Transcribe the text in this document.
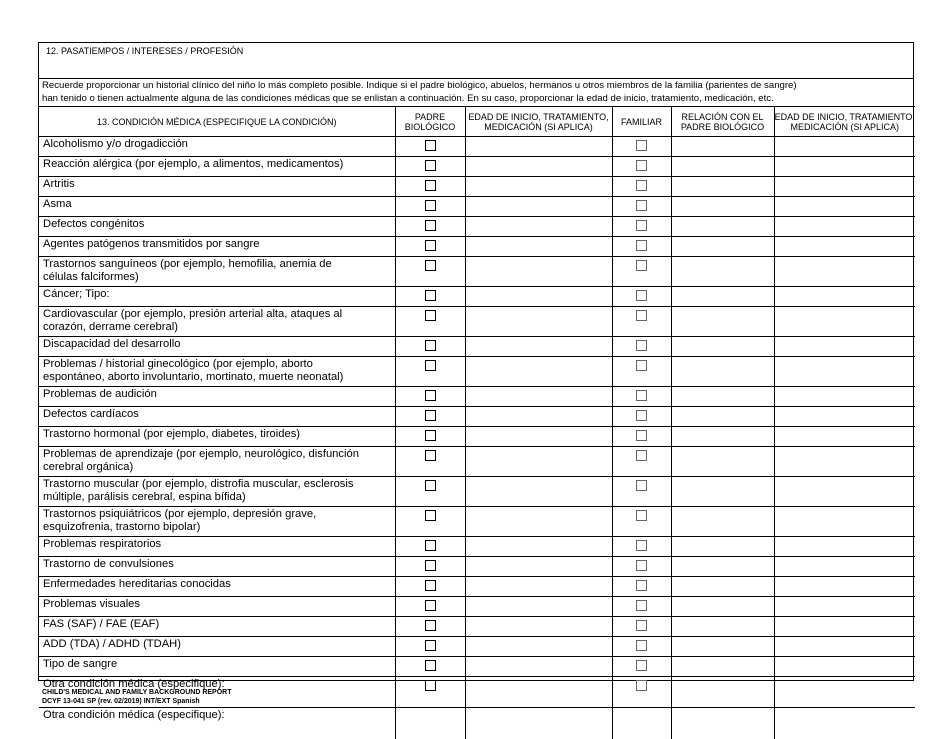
12. PASATIEMPOS / INTERESES / PROFESIÓN
Recuerde proporcionar un historial clínico del niño lo más completo posible. Indique si el padre biológico, abuelos, hermanos u otros miembros de la familia (parientes de sangre)
han tenido o tienen actualmente alguna de las condiciones médicas que se enlistan a continuación. En su caso, proporcionar la edad de inicio, tratamiento, medicación, etc.
13. CONDICIÓN MÉDICA (ESPECIFIQUE LA CONDICIÓN)	PADRE BIOLÓGICO	EDAD DE INICIO, TRATAMIENTO, MEDICACIÓN (SI APLICA)	FAMILIAR	RELACIÓN CON EL PADRE BIOLÓGICO	EDAD DE INICIO, TRATAMIENTO, MEDICACIÓN (SI APLICA)

Alcoholismo y/o drogadicción					

Reacción alérgica (por ejemplo, a alimentos, medicamentos)					

Artritis					

Asma					

Defectos congénitos					

Agentes patógenos transmitidos por sangre					

Trastornos sanguíneos (por ejemplo, hemofilia, anemia de
células falciformes)					

Cáncer; Tipo:					

Cardiovascular (por ejemplo, presión arterial alta, ataques al
corazón, derrame cerebral)					

Discapacidad del desarrollo					

Problemas / historial ginecológico (por ejemplo, aborto
espontáneo, aborto involuntario, mortinato, muerte neonatal)					

Problemas de audición					

Defectos cardíacos					

Trastorno hormonal (por ejemplo, diabetes, tiroides)					

Problemas de aprendizaje (por ejemplo, neurológico, disfunción
cerebral orgánica)					

Trastorno muscular (por ejemplo, distrofia muscular, esclerosis
múltiple, parálisis cerebral, espina bífida)					

Trastornos psiquiátricos (por ejemplo, depresión grave,
esquizofrenia, trastorno bipolar)					

Problemas respiratorios					

Trastorno de convulsiones					

Enfermedades hereditarias conocidas					

Problemas visuales					

FAS (SAF) / FAE (EAF)					

ADD (TDA) / ADHD (TDAH)					

Tipo de sangre					

Otra condición médica (especifique):					

Otra condición médica (especifique):					

CHILD'S MEDICAL AND FAMILY BACKGROUND REPORT
DCYF 13-041 SP (rev. 02/2019) INT/EXT Spanish
